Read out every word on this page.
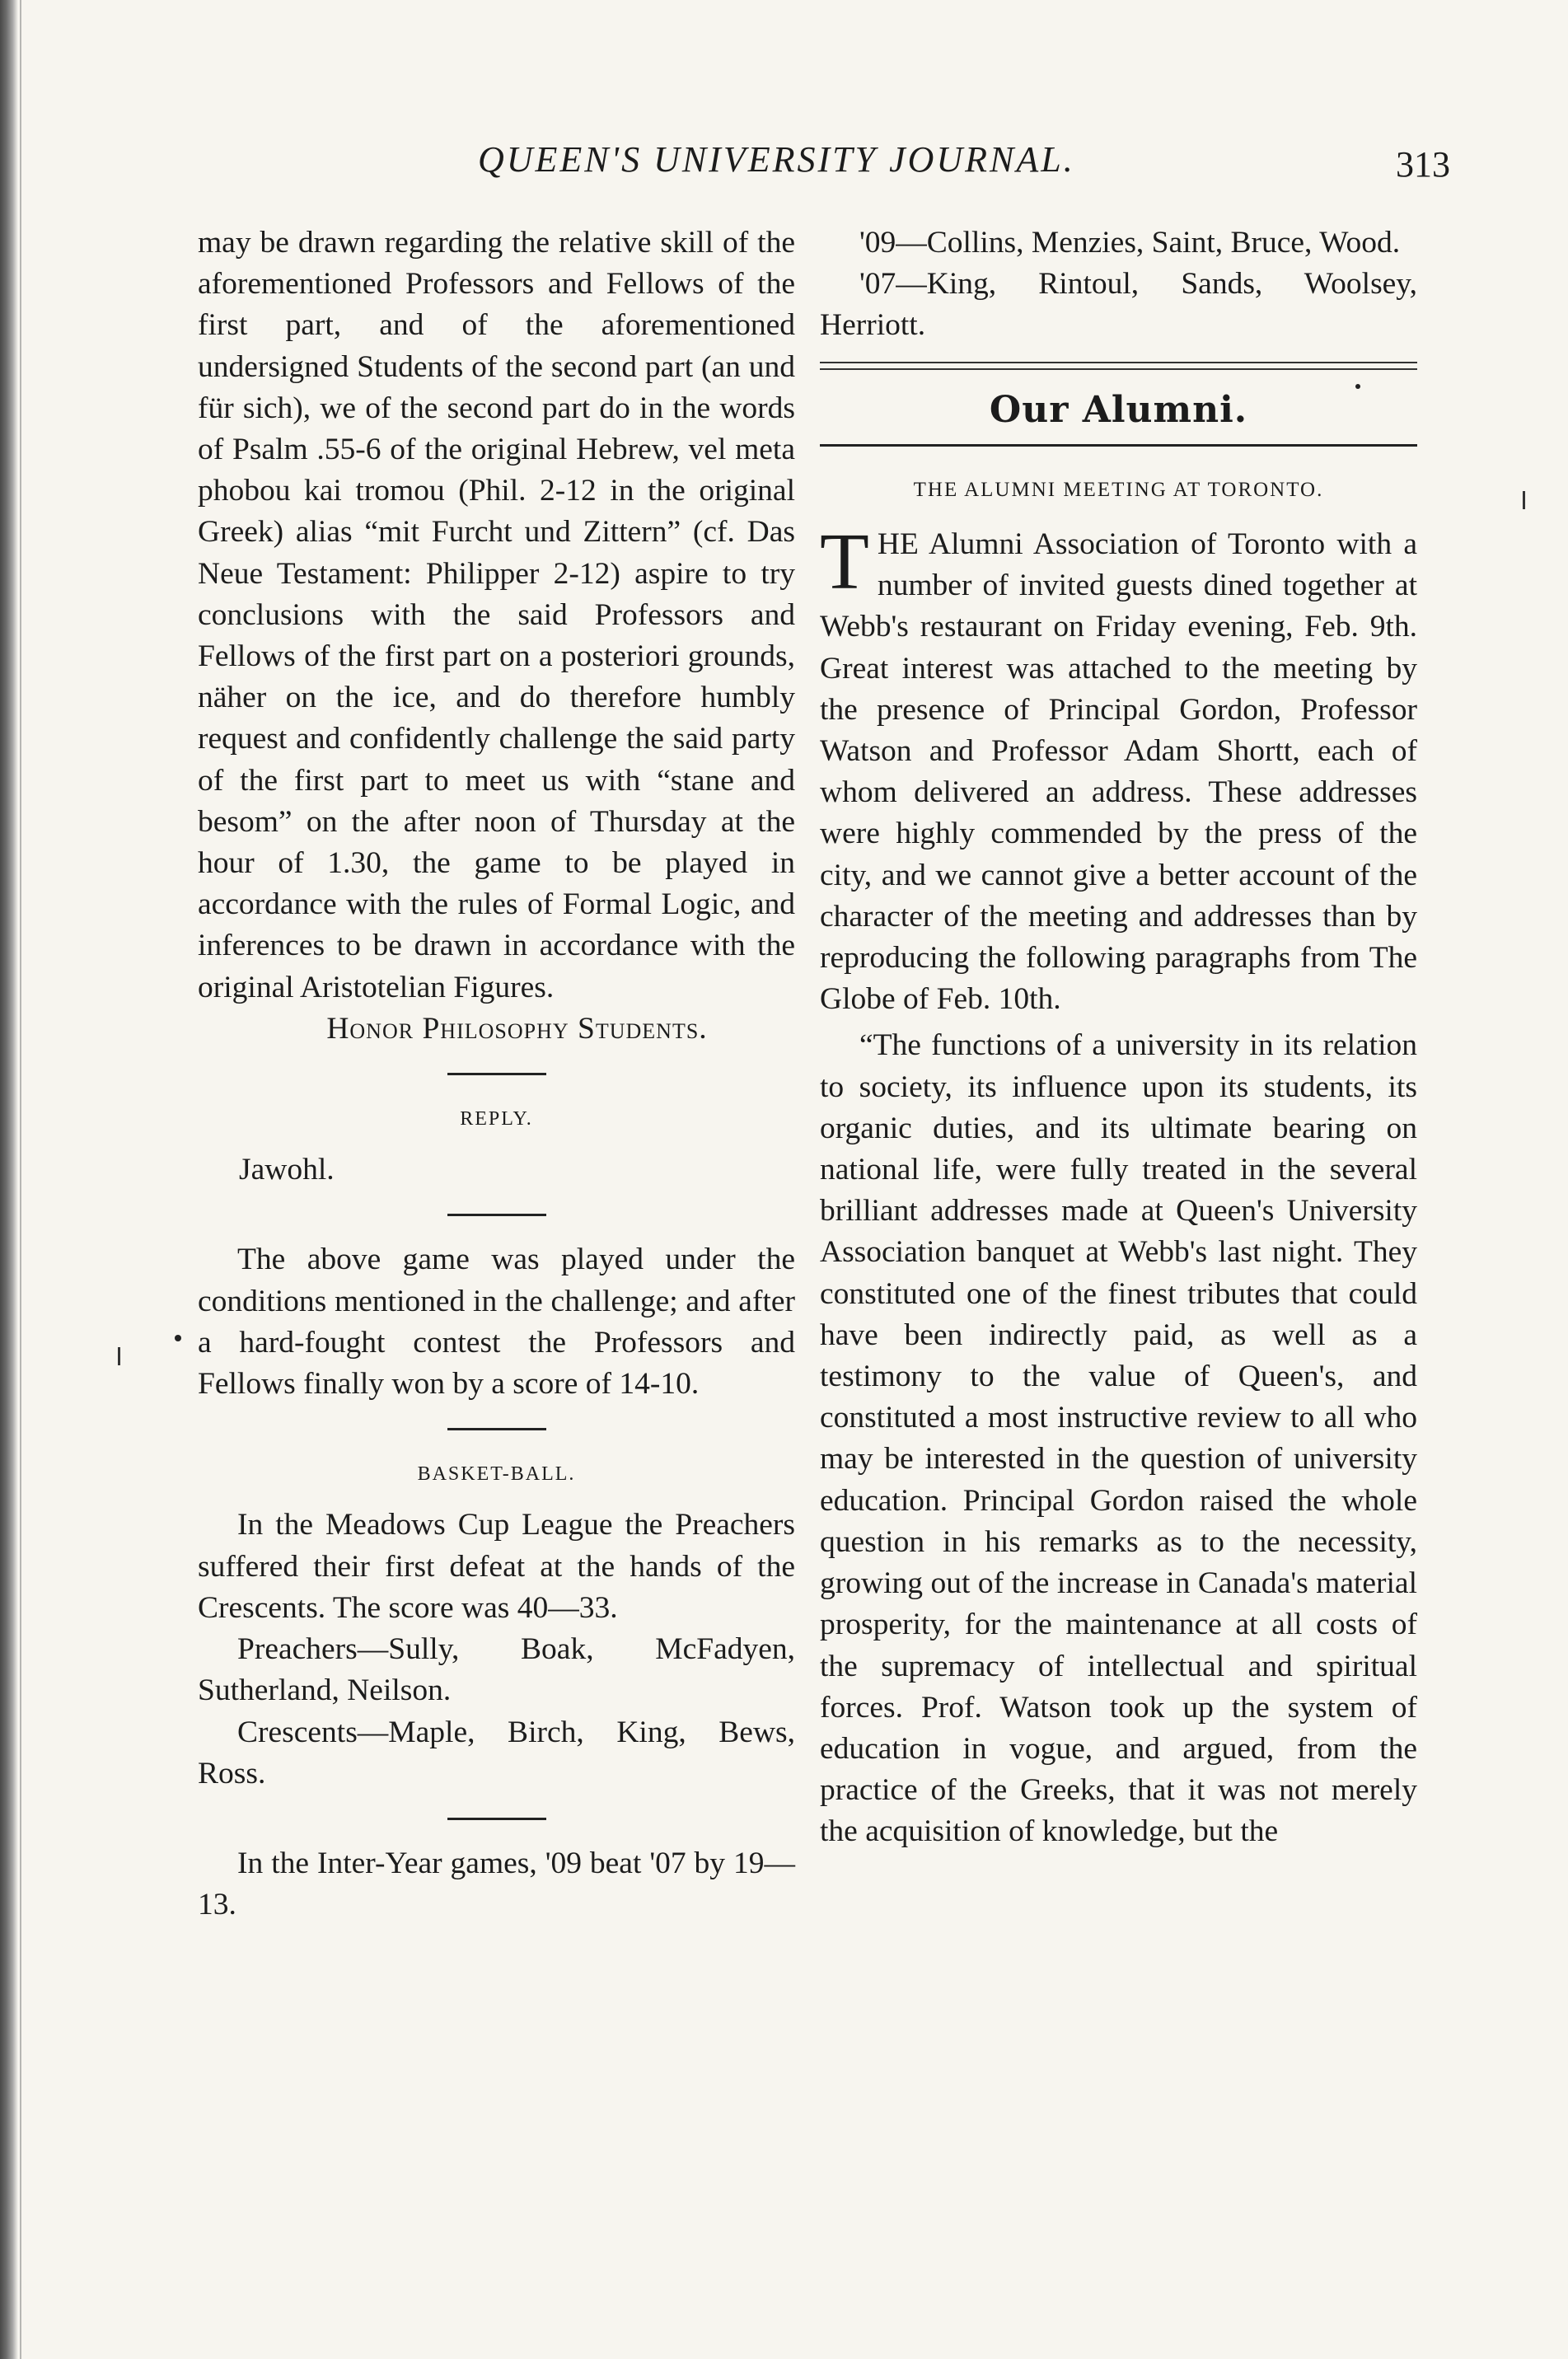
QUEEN'S UNIVERSITY JOURNAL.	313

may be drawn regarding the relative skill of the aforementioned Professors and Fellows of the first part, and of the aforementioned undersigned Students of the second part (an und für sich), we of the second part do in the words of Psalm .55-6 of the original Hebrew, vel meta phobou kai tromou (Phil. 2-12 in the original Greek) alias “mit Furcht und Zittern” (cf. Das Neue Testament: Philipper 2-12) aspire to try conclusions with the said Professors and Fellows of the first part on a posteriori grounds, näher on the ice, and do therefore humbly request and confidently challenge the said party of the first part to meet us with “stane and besom” on the after noon of Thursday at the hour of 1.30, the game to be played in accordance with the rules of Formal Logic, and inferences to be drawn in accordance with the original Aristotelian Figures.

Honor Philosophy Students.

REPLY.

Jawohl.

The above game was played under the conditions mentioned in the challenge; and after a hard-fought contest the Professors and Fellows finally won by a score of 14-10.

BASKET-BALL.

In the Meadows Cup League the Preachers suffered their first defeat at the hands of the Crescents. The score was 40—33.

Preachers—Sully, Boak, McFadyen, Sutherland, Neilson.

Crescents—Maple, Birch, King, Bews, Ross.

In the Inter-Year games, '09 beat '07 by 19—13.

'09—Collins, Menzies, Saint, Bruce, Wood.

'07—King, Rintoul, Sands, Woolsey, Herriott.

Our Alumni.
THE ALUMNI MEETING AT TORONTO.
T HE Alumni Association of Toronto with a number of invited guests dined together at Webb's restaurant on Friday evening, Feb. 9th. Great interest was attached to the meeting by the presence of Principal Gordon, Professor Watson and Professor Adam Shortt, each of whom delivered an address. These addresses were highly commended by the press of the city, and we cannot give a better account of the character of the meeting and addresses than by reproducing the following paragraphs from The Globe of Feb. 10th.

“The functions of a university in its relation to society, its influence upon its students, its organic duties, and its ultimate bearing on national life, were fully treated in the several brilliant addresses made at Queen's University Association banquet at Webb's last night. They constituted one of the finest tributes that could have been indirectly paid, as well as a testimony to the value of Queen's, and constituted a most instructive review to all who may be interested in the question of university education. Principal Gordon raised the whole question in his remarks as to the necessity, growing out of the increase in Canada's material prosperity, for the maintenance at all costs of the supremacy of intellectual and spiritual forces. Prof. Watson took up the system of education in vogue, and argued, from the practice of the Greeks, that it was not merely the acquisition of knowledge, but the
